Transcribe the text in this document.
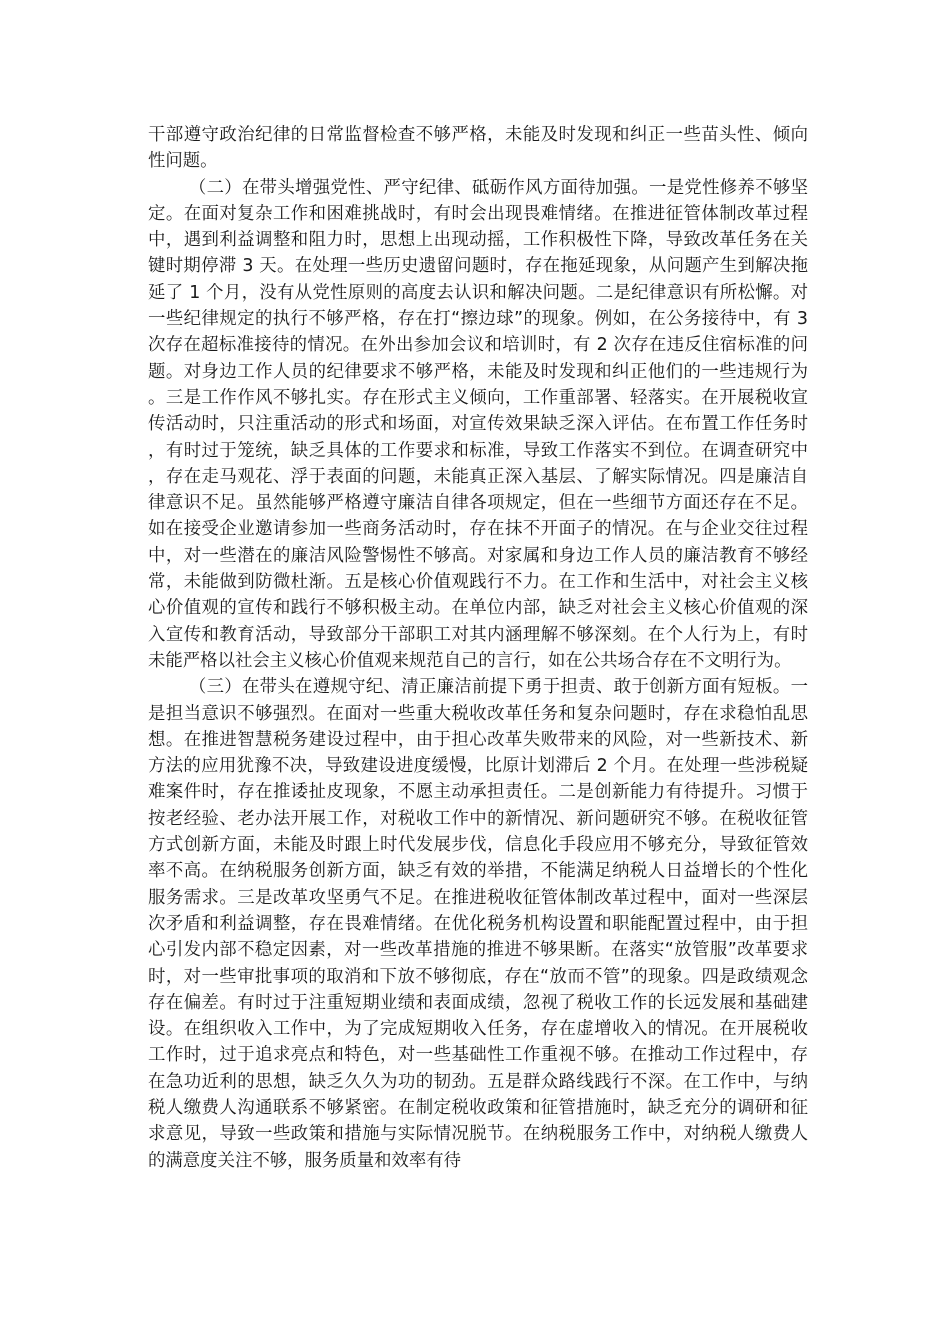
干部遵守政治纪律的日常监督检查不够严格，未能及时发现和纠正一些苗头性、倾向性问题。

（二）在带头增强党性、严守纪律、砥砺作风方面待加强。一是党性修养不够坚定。在面对复杂工作和困难挑战时，有时会出现畏难情绪。在推进征管体制改革过程中，遇到利益调整和阻力时，思想上出现动摇，工作积极性下降，导致改革任务在关键时期停滞 3 天。在处理一些历史遗留问题时，存在拖延现象，从问题产生到解决拖延了 1 个月，没有从党性原则的高度去认识和解决问题。二是纪律意识有所松懈。对一些纪律规定的执行不够严格，存在打“擦边球”的现象。例如，在公务接待中，有 3 次存在超标准接待的情况。在外出参加会议和培训时，有 2 次存在违反住宿标准的问题。对身边工作人员的纪律要求不够严格，未能及时发现和纠正他们的一些违规行为。三是工作作风不够扎实。存在形式主义倾向，工作重部署、轻落实。在开展税收宣传活动时，只注重活动的形式和场面，对宣传效果缺乏深入评估。在布置工作任务时，有时过于笼统，缺乏具体的工作要求和标准，导致工作落实不到位。在调查研究中，存在走马观花、浮于表面的问题，未能真正深入基层、了解实际情况。四是廉洁自律意识不足。虽然能够严格遵守廉洁自律各项规定，但在一些细节方面还存在不足。如在接受企业邀请参加一些商务活动时，存在抹不开面子的情况。在与企业交往过程中，对一些潜在的廉洁风险警惕性不够高。对家属和身边工作人员的廉洁教育不够经常，未能做到防微杜渐。五是核心价值观践行不力。在工作和生活中，对社会主义核心价值观的宣传和践行不够积极主动。在单位内部，缺乏对社会主义核心价值观的深入宣传和教育活动，导致部分干部职工对其内涵理解不够深刻。在个人行为上，有时未能严格以社会主义核心价值观来规范自己的言行，如在公共场合存在不文明行为。

（三）在带头在遵规守纪、清正廉洁前提下勇于担责、敢于创新方面有短板。一是担当意识不够强烈。在面对一些重大税收改革任务和复杂问题时，存在求稳怕乱思想。在推进智慧税务建设过程中，由于担心改革失败带来的风险，对一些新技术、新方法的应用犹豫不决，导致建设进度缓慢，比原计划滞后 2 个月。在处理一些涉税疑难案件时，存在推诿扯皮现象，不愿主动承担责任。二是创新能力有待提升。习惯于按老经验、老办法开展工作，对税收工作中的新情况、新问题研究不够。在税收征管方式创新方面，未能及时跟上时代发展步伐，信息化手段应用不够充分，导致征管效率不高。在纳税服务创新方面，缺乏有效的举措，不能满足纳税人日益增长的个性化服务需求。三是改革攻坚勇气不足。在推进税收征管体制改革过程中，面对一些深层次矛盾和利益调整，存在畏难情绪。在优化税务机构设置和职能配置过程中，由于担心引发内部不稳定因素，对一些改革措施的推进不够果断。在落实“放管服”改革要求时，对一些审批事项的取消和下放不够彻底，存在“放而不管”的现象。四是政绩观念存在偏差。有时过于注重短期业绩和表面成绩，忽视了税收工作的长远发展和基础建设。在组织收入工作中，为了完成短期收入任务，存在虚增收入的情况。在开展税收工作时，过于追求亮点和特色，对一些基础性工作重视不够。在推动工作过程中，存在急功近利的思想，缺乏久久为功的韧劲。五是群众路线践行不深。在工作中，与纳税人缴费人沟通联系不够紧密。在制定税收政策和征管措施时，缺乏充分的调研和征求意见，导致一些政策和措施与实际情况脱节。在纳税服务工作中，对纳税人缴费人的满意度关注不够，服务质量和效率有待
